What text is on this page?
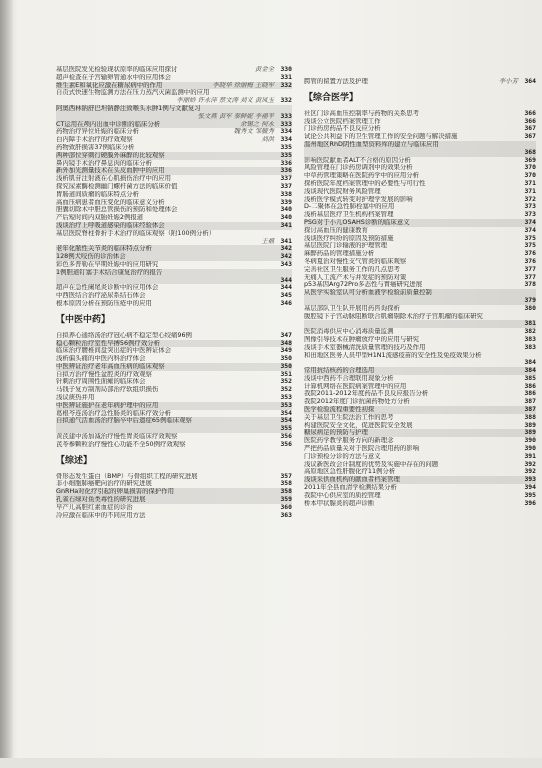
基层医院发光检验现状原率的临床应用探讨	黄金全 330
超声检查在子宫输卵管通水中的应用体会	331
维生素E和氧化应激在糖尿病中的作用	李晓华 徐丽梅 王晓军 332
自贡式快速生物监测方法在压力蒸汽灭菌监测中的应用
李丽娇 许永萍 蔡文涛 刘义 黄凤玉 332
阿奥西林钠舒巴坦钠静注致喉头水肿1例与文献复习
张文燕 黄军 秦鲜妮 李福平 333
CT运用在颅内出血中诊断的临床分析	余锡之 何永 333
药物治疗异位妊娠的临床分析	魏秀文 邹毓秀 334
白内障手术治疗的疗效观察	刘洪 334
药物致肝损害37例临床分析	335
两种部位穿刺行硬膜外麻醉的比较观察	335
鼻内镜手术治疗鼻息肉的临床分析	336
新外加光测量技术在头皮血肿中的应用	336
浅析肌苷注射液在心肌损伤治疗中的应用	337
探究尿素酶检测幽门螺杆菌方法的临床价值	337
胃肠道间质瘤的临床特点分析	338
高血压病患者血压变化的临床意义分析	339
胆囊切除术中胆总管损伤的预防和处理体会	340
产后短时间内双胎妊娠2例报道	340
浅谈治疗上呼吸道感染的临床经验体会	341
基层医院脊柱骨折手术治疗的临床观察（附100例分析）
王福 341
老年化脓性关节炎的临床特点分析	342
128例犬咬伤的诊治体会	342
彩色多普勒在早期妊娠中的应用研究	343
1例胆道钉塞手术结合康复治疗的报告
344
超声在急性阑尾炎诊断中的应用体会	344
中西医结合治疗泌尿系结石体会	345
根本原因分析在预防压疮中的应用	346
【中医中药】
自拟养心通络汤治疗冠心病不稳定型心绞痛96例	347
稳心颗粒治疗室性早搏56例疗效分析	348
临床治疗腰椎间盘突出症的中医辨证体会	349
浅析偏头痛的中医内科治疗体会	350
中医辨证治疗老年高血压病的临床观察	350
自拟方治疗慢性盆腔炎的疗效观察	351
针刺治疗周围性面瘫的临床体会	352
马钱子复方制剂局部治疗软组织损伤	352
浅议痰热并用	353
中医辨证施护在老年病护理中的应用	353
葛根芩连汤治疗急性肠炎的临床疗效分析	354
自拟通气活血汤治疗脑卒中后遗症65例临床观察	354
355
黄芪建中汤加减治疗慢性胃炎临床疗效观察	356
芪苓参颗粒治疗慢性心功能不全50例疗效观察	356
【综述】
骨形态发生蛋白（BMP）与骨组织工程的研究进展	357
非小细胞肺癌靶向治疗的研究进展	358
GnRHa对化疗引起的卵巢损害的保护作用	358
孔雀石绿对鱼类毒性的研究进展	359
早产儿高胆红素血症的诊治	360
冷应激在临床中的不同应用方法	363
腭管的留置方法及护理	李小芳 364
【综合医学】
社区门诊高血压控制率与药物的关系思考	366
浅谈公立医院档案管理工作	366
门诊药房药品不良反应分析	367
试论公共利益下的卫生管理工作的安全问题与解决措施	367
温州地区RhD阴性血型资料库的建立与临床应用
368
影响医院献血者ALT不合格的原因分析	369
风险管理在门诊药房调剂中的效果分析	370
中草药管理策略在医院药学中的应用分析	370
探析医院年度档案管理中的必要性与可行性	371
浅谈现代医院财务风险管理	371
浅析医学模式转变对护理学发展的影响	372
D-二聚体在急性肺栓塞中的应用	373
浅析基层医疗卫生机构档案管理	373
PSG对于小儿OSAHS诊断的临床意义	374
探讨高血压的健康教育	374
浅谈医疗纠纷的原因及预防措施	375
基层医院门诊输液的护理管理	375
麻醉药品的管理措施分析	376
冬病夏治对慢性支气管炎的临床观察	376
完善社区卫生服务工作的几点思考	377
无痛人工流产术与并发症的预防对策	377
p53基因Arg72Pro多态性与胃癌研究进展	378
从医学实验室认可分析血液学检验前质量控制
379
基层部队卫生队开展用药咨询探析	380
腹腔镜下子宫动脉阻断联合肌瘤剔除术治疗子宫肌瘤的临床研究
381
医院消毒供应中心消毒质量监测	382
图像引导技术在肿瘤放疗中的应用与研究	383
浅谈手术室器械清洗质量管理的技巧及作用	383
和田地区医务人员甲型H1N1流感疫苗的安全性及免疫效果分析
384
常用抗结核药的合理选用	384
浅谈中西药不合理联用现象分析	385
计算机网络在医院病案管理中的应用	386
我院2011-2012年度药品不良反应报告分析	386
我院2012年度门诊抗菌药物处方分析	387
医学检验流程重要性初探	387
关于基层卫生院法治工作的思考	388
构建医院安全文化，促进医院安全发展	389
糖尿病足的预防与护理	389
医院药学教学服务方向的新理念	390
严把药品质量关对于医院合理用药的影响	390
门诊预检分诊的方法与意义	391
浅议新医改会计制度的优势及实施中存在的问题	392
高原地区急性肝腹化疗11例分析	392
浅谈采供血机构的献血者档案管理	393
2011年全县血清学检测结果分析	394
我院中心供应室的质控管理	395
桥本甲状腺炎的超声诊断	396
